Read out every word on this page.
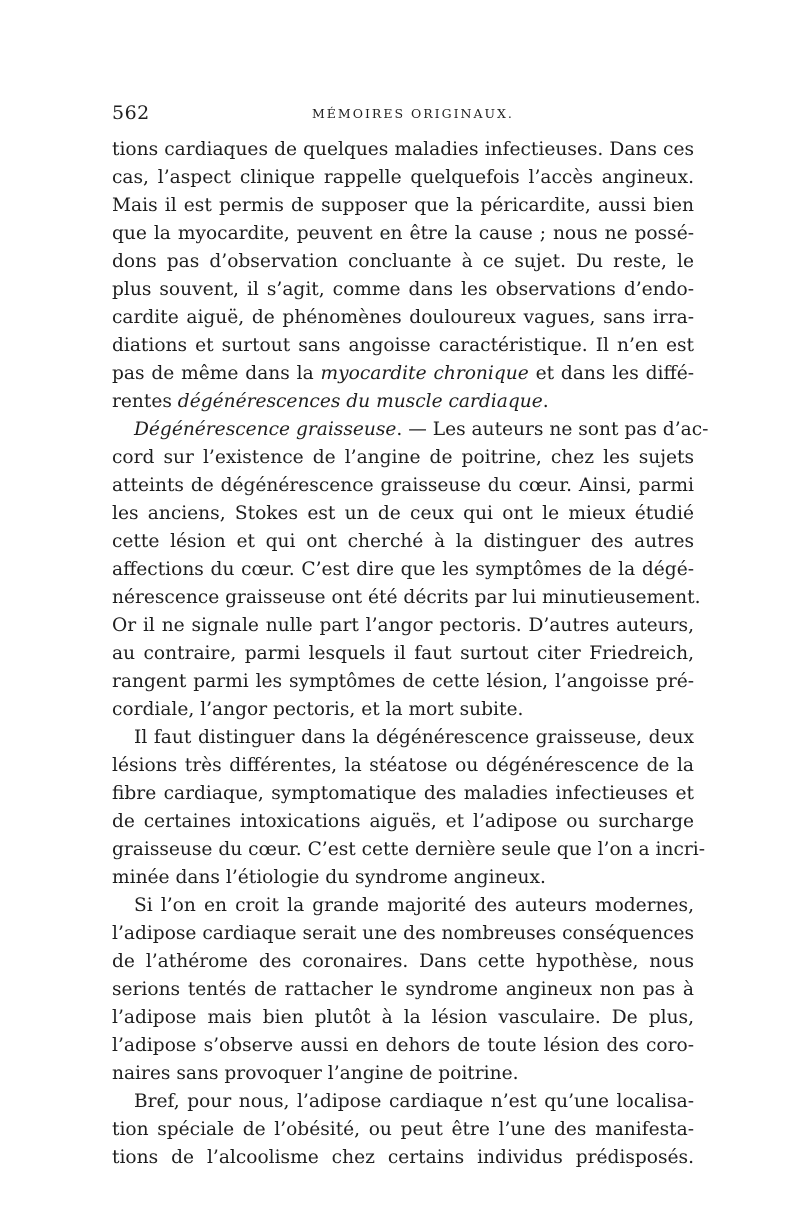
562	MÉMOIRES ORIGINAUX.
tions cardiaques de quelques maladies infectieuses. Dans ces
cas, l’aspect clinique rappelle quelquefois l’accès angineux.
Mais il est permis de supposer que la péricardite, aussi bien
que la myocardite, peuvent en être la cause ; nous ne possé-
dons pas d’observation concluante à ce sujet. Du reste, le
plus souvent, il s’agit, comme dans les observations d’endo-
cardite aiguë, de phénomènes douloureux vagues, sans irra-
diations et surtout sans angoisse caractéristique. Il n’en est
pas de même dans la myocardite chronique et dans les diffé-
rentes dégénérescences du muscle cardiaque.
Dégénérescence graisseuse. — Les auteurs ne sont pas d’ac-
cord sur l’existence de l’angine de poitrine, chez les sujets
atteints de dégénérescence graisseuse du cœur. Ainsi, parmi
les anciens, Stokes est un de ceux qui ont le mieux étudié
cette lésion et qui ont cherché à la distinguer des autres
affections du cœur. C’est dire que les symptômes de la dégé-
nérescence graisseuse ont été décrits par lui minutieusement.
Or il ne signale nulle part l’angor pectoris. D’autres auteurs,
au contraire, parmi lesquels il faut surtout citer Friedreich,
rangent parmi les symptômes de cette lésion, l’angoisse pré-
cordiale, l’angor pectoris, et la mort subite.
Il faut distinguer dans la dégénérescence graisseuse, deux
lésions très différentes, la stéatose ou dégénérescence de la
fibre cardiaque, symptomatique des maladies infectieuses et
de certaines intoxications aiguës, et l’adipose ou surcharge
graisseuse du cœur. C’est cette dernière seule que l’on a incri-
minée dans l’étiologie du syndrome angineux.
Si l’on en croit la grande majorité des auteurs modernes,
l’adipose cardiaque serait une des nombreuses conséquences
de l’athérome des coronaires. Dans cette hypothèse, nous
serions tentés de rattacher le syndrome angineux non pas à
l’adipose mais bien plutôt à la lésion vasculaire. De plus,
l’adipose s’observe aussi en dehors de toute lésion des coro-
naires sans provoquer l’angine de poitrine.
Bref, pour nous, l’adipose cardiaque n’est qu’une localisa-
tion spéciale de l’obésité, ou peut être l’une des manifesta-
tions de l’alcoolisme chez certains individus prédisposés.
